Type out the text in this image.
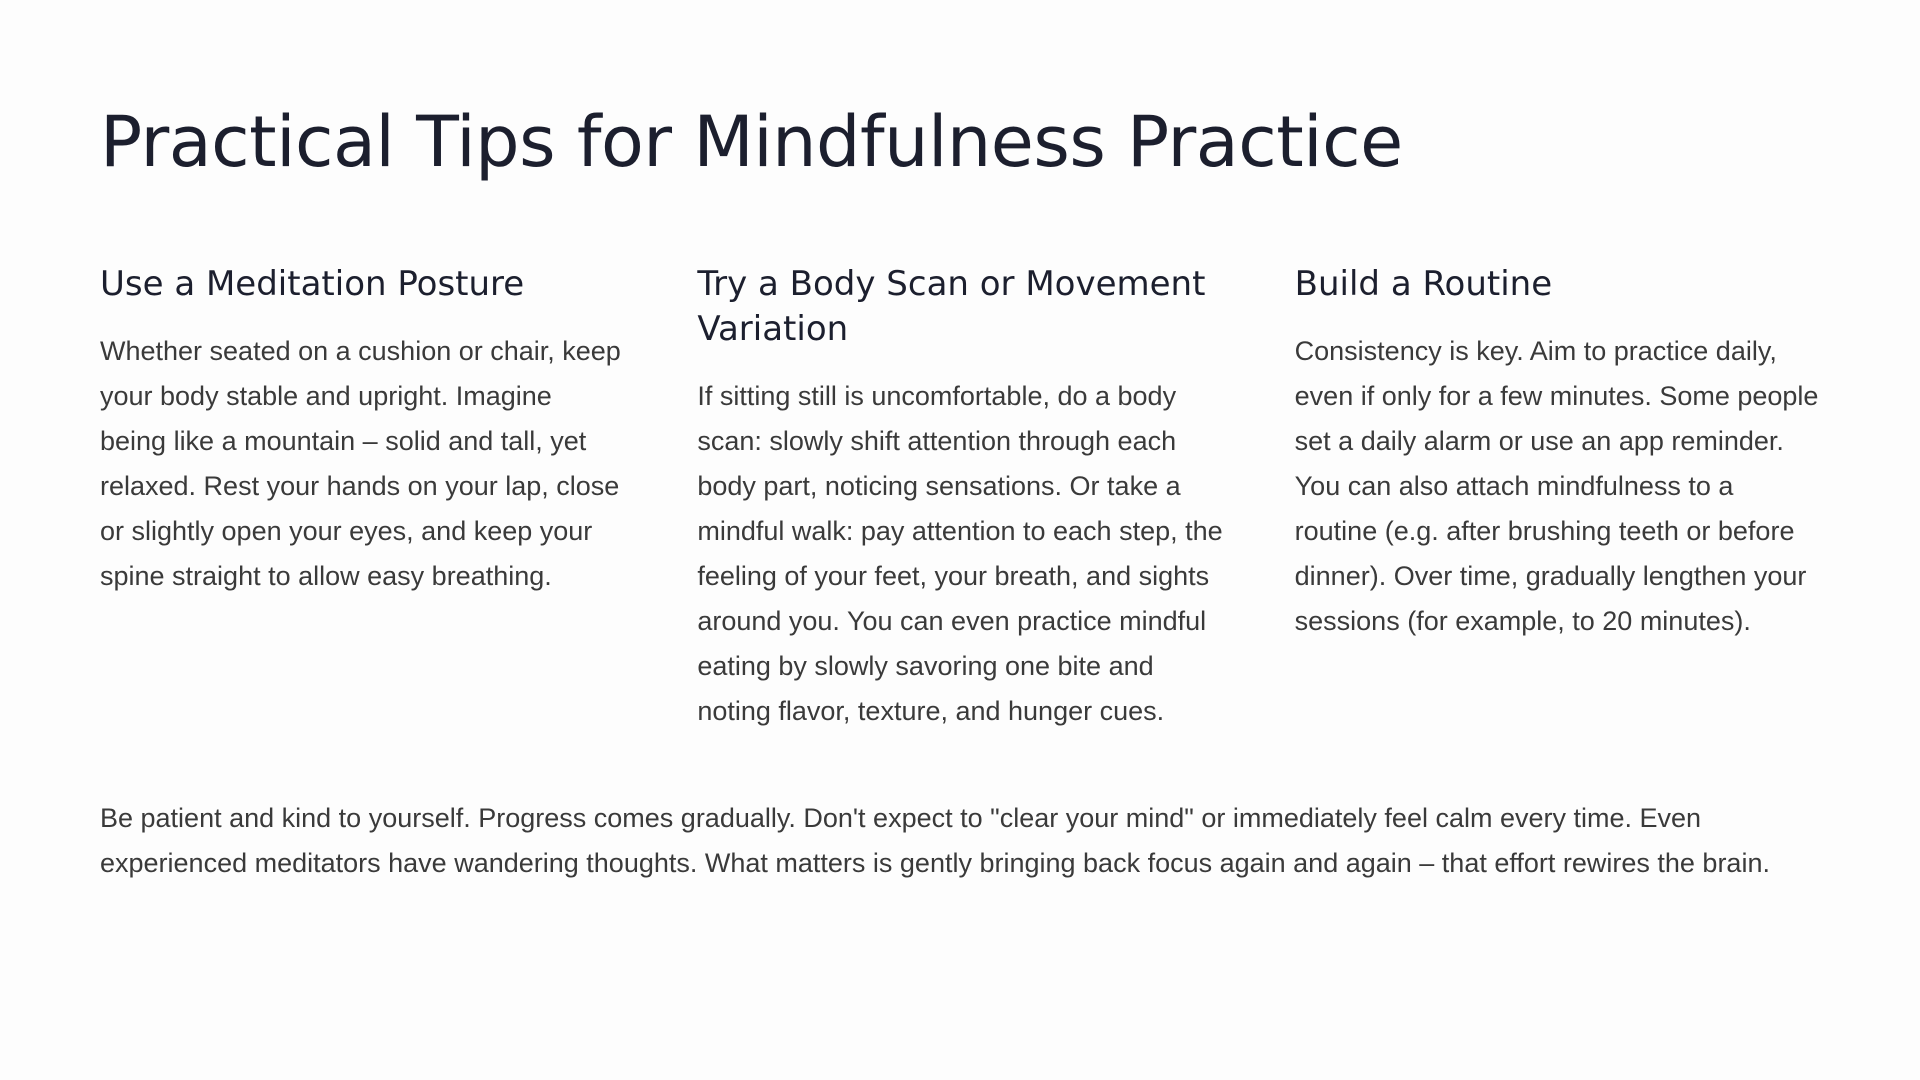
Practical Tips for Mindfulness Practice
Use a Meditation Posture

Whether seated on a cushion or chair, keep your body stable and upright. Imagine being like a mountain – solid and tall, yet relaxed. Rest your hands on your lap, close or slightly open your eyes, and keep your spine straight to allow easy breathing.

Try a Body Scan or Movement Variation

If sitting still is uncomfortable, do a body scan: slowly shift attention through each body part, noticing sensations. Or take a mindful walk: pay attention to each step, the feeling of your feet, your breath, and sights around you. You can even practice mindful eating by slowly savoring one bite and noting flavor, texture, and hunger cues.

Build a Routine

Consistency is key. Aim to practice daily, even if only for a few minutes. Some people set a daily alarm or use an app reminder. You can also attach mindfulness to a routine (e.g. after brushing teeth or before dinner). Over time, gradually lengthen your sessions (for example, to 20 minutes).

Be patient and kind to yourself. Progress comes gradually. Don't expect to "clear your mind" or immediately feel calm every time. Even experienced meditators have wandering thoughts. What matters is gently bringing back focus again and again – that effort rewires the brain.
